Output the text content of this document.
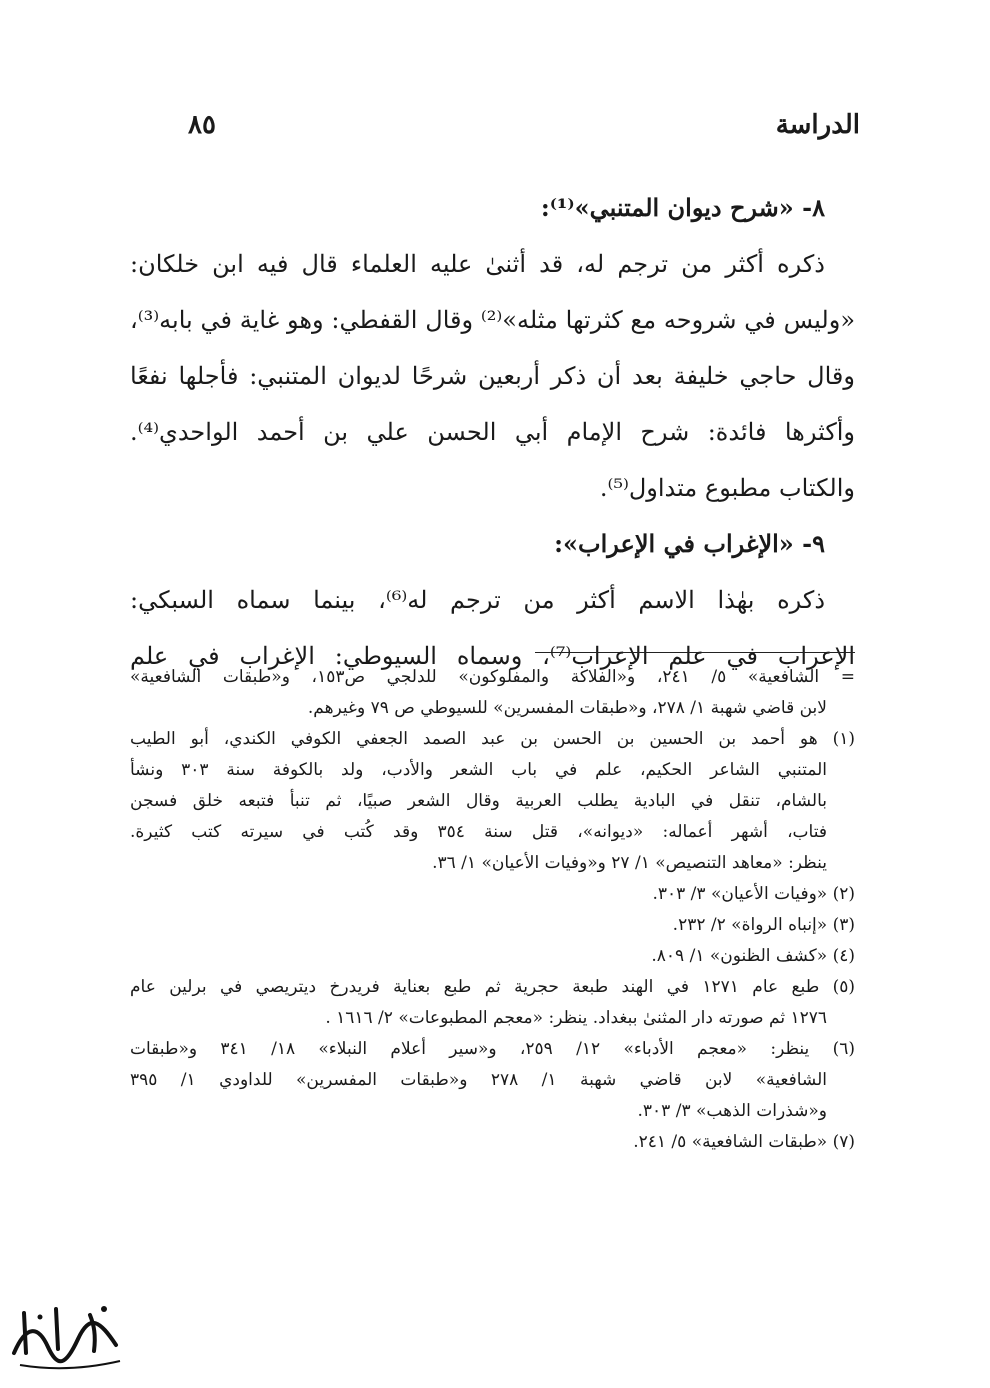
الدراسة
٨٥
٨- «شرح ديوان المتنبي»⁽¹⁾:
ذكره أكثر من ترجم له، قد أثنىٰ عليه العلماء قال فيه ابن خلكان:
«وليس في شروحه مع كثرتها مثله»⁽²⁾ وقال القفطي: وهو غاية في بابه⁽³⁾،
وقال حاجي خليفة بعد أن ذكر أربعين شرحًا لديوان المتنبي: فأجلها نفعًا
وأكثرها فائدة: شرح الإمام أبي الحسن علي بن أحمد الواحدي⁽⁴⁾.
والكتاب مطبوع متداول⁽⁵⁾.
٩- «الإغراب في الإعراب»:
ذكره بهٰذا الاسم أكثر من ترجم له⁽⁶⁾، بينما سماه السبكي:
الإعراب في علم الإعراب⁽⁷⁾، وسماه السيوطي: الإغراب في علم
= الشافعية» ٥/ ٢٤١، و«الفلاكة والمفلوكون» للدلجي ص١٥٣، و«طبقات الشافعية»
لابن قاضي شهبة ١/ ٢٧٨، و«طبقات المفسرين» للسيوطي ص ٧٩ وغيرهم.
(١) هو أحمد بن الحسين بن الحسن بن عبد الصمد الجعفي الكوفي الكندي، أبو الطيب
المتنبي الشاعر الحكيم، علم في باب الشعر والأدب، ولد بالكوفة سنة ٣٠٣ ونشأ
بالشام، تنقل في البادية يطلب العربية وقال الشعر صبيًا، ثم تنبأ فتبعه خلق فسجن
فتاب، أشهر أعماله: «ديوانه»، قتل سنة ٣٥٤ وقد كُتب في سيرته كتب كثيرة.
ينظر: «معاهد التنصيص» ١/ ٢٧ و«وفيات الأعيان» ١/ ٣٦.
(٢) «وفيات الأعيان» ٣/ ٣٠٣.
(٣) «إنباه الرواة» ٢/ ٢٣٢.
(٤) «كشف الظنون» ١/ ٨٠٩.
(٥) طبع عام ١٢٧١ في الهند طبعة حجرية ثم طبع بعناية فريدرخ ديتريصي في برلين عام
١٢٧٦ ثم صورته دار المثنىٰ ببغداد. ينظر: «معجم المطبوعات» ٢/ ١٦١٦ .
(٦) ينظر: «معجم الأدباء» ١٢/ ٢٥٩، و«سير أعلام النبلاء» ١٨/ ٣٤١ و«طبقات
الشافعية» لابن قاضي شهبة ١/ ٢٧٨ و«طبقات المفسرين» للداودي ١/ ٣٩٥
و«شذرات الذهب» ٣/ ٣٠٣.
(٧) «طبقات الشافعية» ٥/ ٢٤١.
